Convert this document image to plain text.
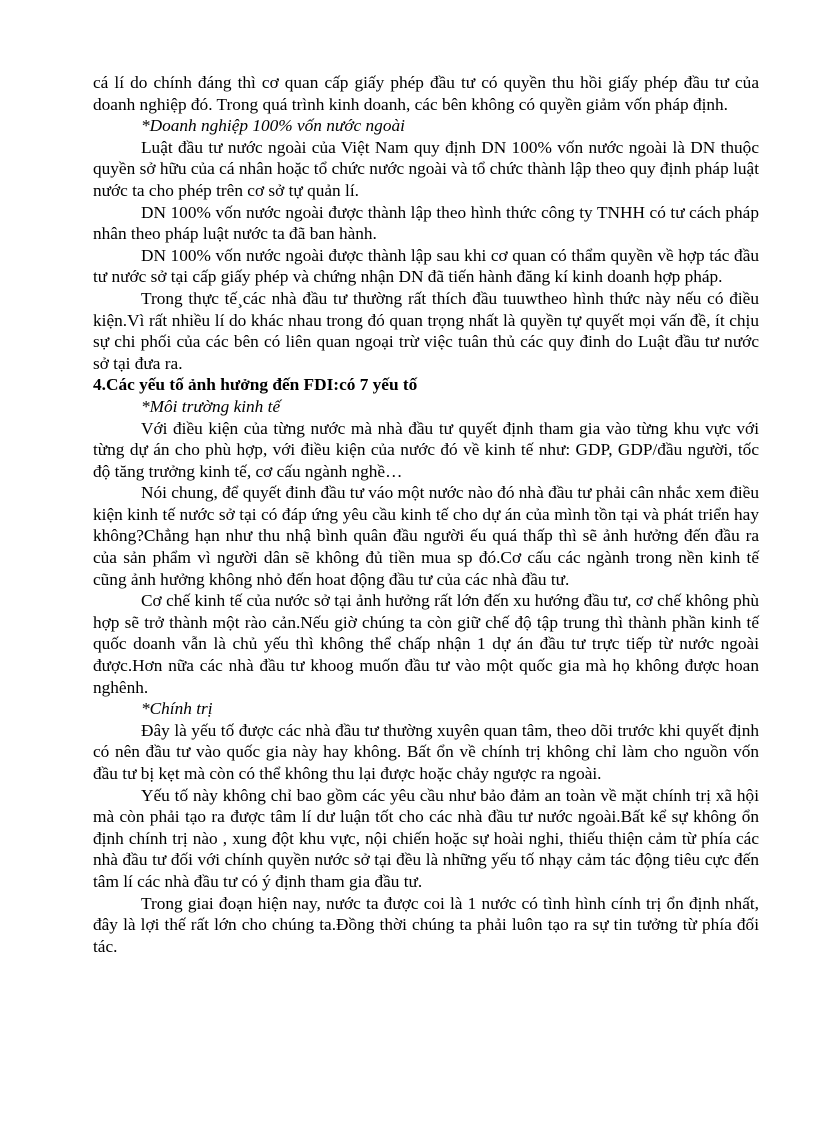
cá lí do chính đáng thì cơ quan cấp giấy phép đầu tư có quyền thu hồi giấy phép đầu tư của doanh nghiệp đó. Trong quá trình kinh doanh, các bên không có quyền giảm vốn pháp định.

*Doanh nghiệp 100% vốn nước ngoài

Luật đầu tư nước ngoài của Việt Nam quy định DN 100% vốn nước ngoài là DN thuộc quyền sở hữu của cá nhân hoặc tổ chức nước ngoài và tổ chức thành lập theo quy định pháp luật nước ta cho phép trên cơ sở tự quản lí.

DN 100% vốn nước ngoài được thành lập theo hình thức công ty TNHH có tư cách pháp nhân theo pháp luật nước ta đã ban hành.

DN 100% vốn nước ngoài được thành lập sau khi cơ quan có thẩm quyền về hợp tác đầu tư nước sở tại cấp giấy phép và chứng nhận DN đã tiến hành đăng kí kinh doanh hợp pháp.

Trong thực tế¸các nhà đầu tư thường rất thích đầu tuuwtheo hình thức này nếu có điều kiện.Vì rất nhiều lí do khác nhau trong đó quan trọng nhất là quyền tự quyết mọi vấn đề, ít chịu sự chi phối của các bên có liên quan ngoại trừ việc tuân thủ các quy đinh do Luật đầu tư nước sở tại đưa ra.

4.Các yếu tố ảnh hưởng đến FDI:có 7 yếu tố

*Môi trường kinh tế

Với điều kiện của từng nước mà nhà đầu tư quyết định tham gia vào từng khu vực với từng dự án cho phù hợp, với điều kiện của nước đó về kinh tế như: GDP, GDP/đầu người, tốc độ tăng trưởng kinh tế, cơ cấu ngành nghề…

Nói chung, để quyết đinh đầu tư váo một nước nào đó nhà đầu tư phải cân nhắc xem điều kiện kinh tế nước sở tại có đáp ứng yêu cầu kinh tế cho dự án của mình tồn tại và phát triển hay không?Chẳng hạn như thu nhậ bình quân đầu người ếu quá thấp thì sẽ ảnh hưởng đến đầu ra của sản phẩm vì người dân sẽ không đủ tiền mua sp đó.Cơ cấu các ngành trong nền kinh tế cũng ảnh hưởng không nhỏ đến hoat động đầu tư của các nhà đầu tư.

Cơ chế kinh tế của nước sở tại ảnh hưởng rất lớn đến xu hướng đầu tư, cơ chế không phù hợp sẽ trở thành một rào cản.Nếu giờ chúng ta còn giữ chế độ tập trung thì thành phần kinh tế quốc doanh vẫn là chủ yếu thì không thể chấp nhận 1 dự án đầu tư trực tiếp từ nước ngoài được.Hơn nữa các nhà đầu tư khoog muốn đầu tư vào một quốc gia mà họ không được hoan nghênh.

*Chính trị

Đây là yếu tố được các nhà đầu tư thường xuyên quan tâm, theo dõi trước khi quyết định có nên đầu tư vào quốc gia này hay không. Bất ổn về chính trị không chỉ làm cho nguồn vốn đầu tư bị kẹt mà còn có thể không thu lại được hoặc chảy ngược ra ngoài.

Yếu tố này không chỉ bao gồm các yêu cầu như bảo đảm an toàn về mặt chính trị xã hội mà còn phải tạo ra được tâm lí dư luận tốt cho các nhà đầu tư nước ngoài.Bất kể sự không ổn định chính trị nào , xung đột khu vực, nội chiến hoặc sự hoài nghi, thiếu thiện cảm từ phía các nhà đầu tư đối với chính quyền nước sở tại đều là những yếu tố nhạy cảm tác động tiêu cực đến tâm lí các nhà đầu tư có ý định tham gia đầu tư.

Trong giai đoạn hiện nay, nước ta được coi là 1 nước có tình hình cính trị ổn định nhất, đây là lợi thế rất lớn cho chúng ta.Đồng thời chúng ta phải luôn tạo ra sự tin tưởng từ phía đối tác.
